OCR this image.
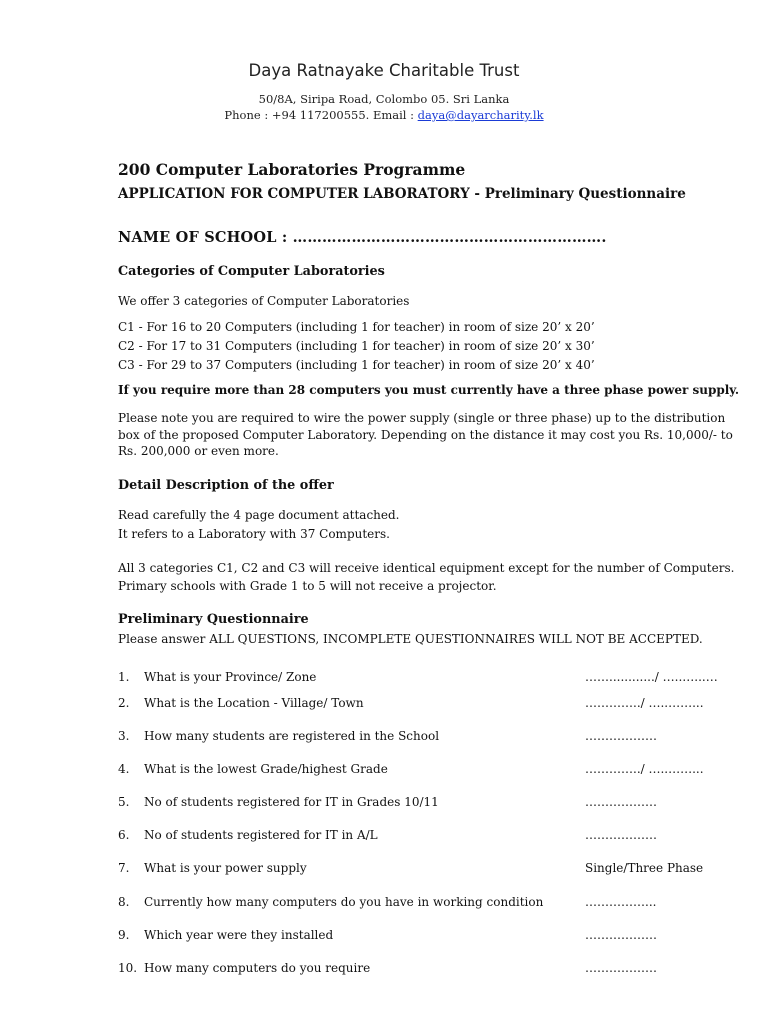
Daya Ratnayake Charitable Trust
50/8A, Siripa Road, Colombo 05. Sri Lanka
Phone : +94 117200555. Email : daya@dayarcharity.lk
200 Computer Laboratories Programme
APPLICATION FOR COMPUTER LABORATORY - Preliminary Questionnaire
NAME OF SCHOOL : ……………………………………………………….
Categories of Computer Laboratories
We offer 3 categories of Computer Laboratories
C1 - For 16 to 20 Computers (including 1 for teacher) in room of size 20’ x 20’
C2 - For 17 to 31 Computers (including 1 for teacher) in room of size 20’ x 30’
C3 - For 29 to 37 Computers (including 1 for teacher) in room of size 20’ x 40’
If you require more than 28 computers you must currently have a three phase power supply.
Please note you are required to wire the power supply (single or three phase) up to the distribution
box of the proposed Computer Laboratory. Depending on the distance it may cost you Rs. 10,000/- to
Rs. 200,000 or even more.
Detail Description of the offer
Read carefully the 4 page document attached.
It refers to a Laboratory with 37 Computers.
All 3 categories C1, C2 and C3 will receive identical equipment except for the number of Computers.
Primary schools with Grade 1 to 5 will not receive a projector.
Preliminary Questionnaire
Please answer ALL QUESTIONS, INCOMPLETE QUESTIONNAIRES WILL NOT BE ACCEPTED.
1. What is your Province/ Zone	……............/ …..…...…
2. What is the Location - Village/ Town	…………../ …..……...
3. How many students are registered in the School	………………
4. What is the lowest Grade/highest Grade	…………../ …..……...
5. No of students registered for IT in Grades 10/11	………………
6. No of students registered for IT in A/L	………………
7. What is your power supply	Single/Three Phase
8. Currently how many computers do you have in working condition	……………...
9. Which year were they installed	………………
10. How many computers do you require	………………
